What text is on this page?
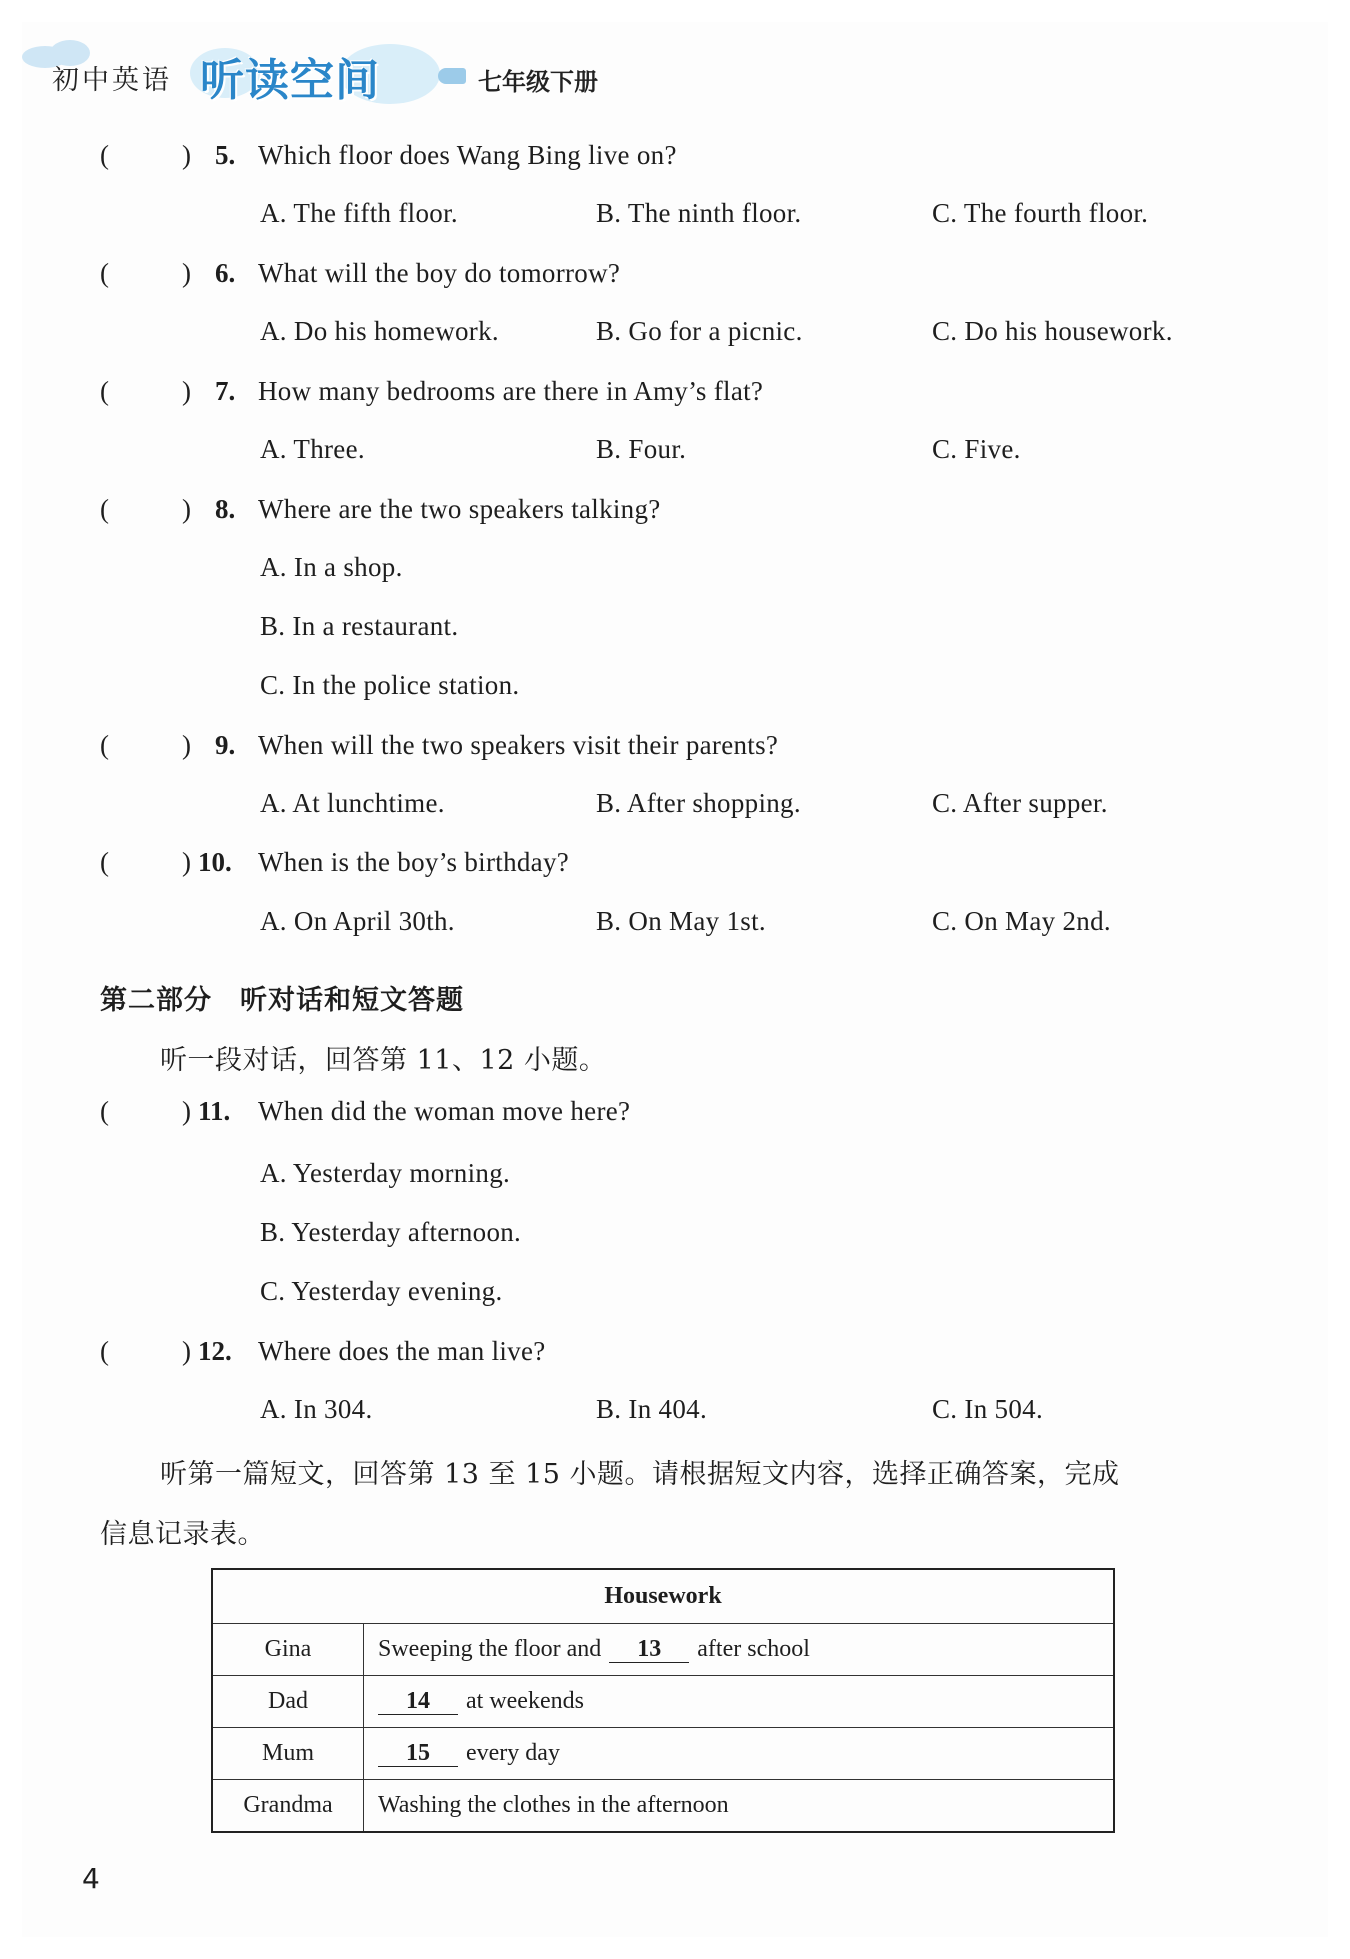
初中英语 听读空间	七年级下册
(	) 5. Which floor does Wang Bing live on?
A. The fifth floor.	B. The ninth floor.	C. The fourth floor.
(	) 6. What will the boy do tomorrow?
A. Do his homework.	B. Go for a picnic.	C. Do his housework.
(	) 7. How many bedrooms are there in Amy’s flat?
A. Three.	B. Four.	C. Five.
(	) 8. Where are the two speakers talking?
A. In a shop.
B. In a restaurant.
C. In the police station.
(	) 9. When will the two speakers visit their parents?
A. At lunchtime.	B. After shopping.	C. After supper.
(	) 10. When is the boy’s birthday?
A. On April 30th.	B. On May 1st.	C. On May 2nd.
第二部分　听对话和短文答题
听一段对话，回答第 11、12 小题。
(	) 11. When did the woman move here?
A. Yesterday morning.
B. Yesterday afternoon.
C. Yesterday evening.
(	) 12. Where does the man live?
A. In 304.	B. In 404.	C. In 504.
听第一篇短文，回答第 13 至 15 小题。请根据短文内容，选择正确答案，完成
信息记录表。
Housework	
Gina	Sweeping the floor and 13 after school
Dad	14 at weekends
Mum	15 every day
Grandma	Washing the clothes in the afternoon
4
